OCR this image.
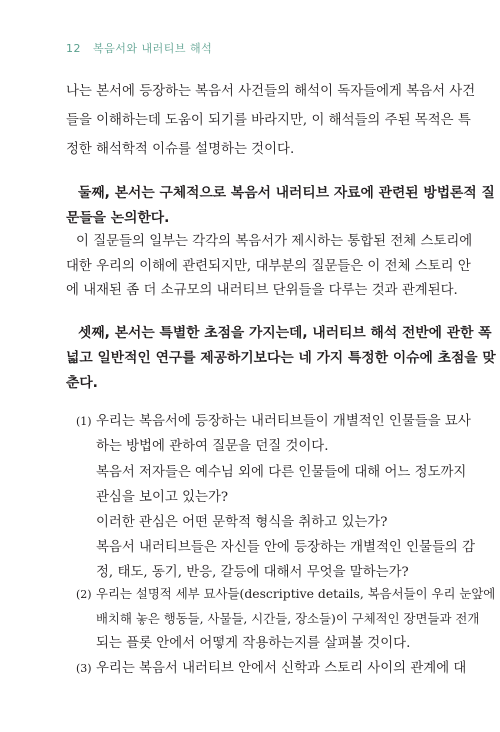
12 복음서와 내러티브 해석
나는 본서에 등장하는 복음서 사건들의 해석이 독자들에게 복음서 사건
들을 이해하는데 도움이 되기를 바라지만, 이 해석들의 주된 목적은 특
정한 해석학적 이슈를 설명하는 것이다.
둘째, 본서는 구체적으로 복음서 내러티브 자료에 관련된 방법론적 질
문들을 논의한다.
이 질문들의 일부는 각각의 복음서가 제시하는 통합된 전체 스토리에
대한 우리의 이해에 관련되지만, 대부분의 질문들은 이 전체 스토리 안
에 내재된 좀 더 소규모의 내러티브 단위들을 다루는 것과 관계된다.
셋째, 본서는 특별한 초점을 가지는데, 내러티브 해석 전반에 관한 폭
넓고 일반적인 연구를 제공하기보다는 네 가지 특정한 이슈에 초점을 맞
춘다.
(1) 우리는 복음서에 등장하는 내러티브들이 개별적인 인물들을 묘사
하는 방법에 관하여 질문을 던질 것이다.
복음서 저자들은 예수님 외에 다른 인물들에 대해 어느 정도까지
관심을 보이고 있는가?
이러한 관심은 어떤 문학적 형식을 취하고 있는가?
복음서 내러티브들은 자신들 안에 등장하는 개별적인 인물들의 감
정, 태도, 동기, 반응, 갈등에 대해서 무엇을 말하는가?
(2) 우리는 설명적 세부 묘사들(descriptive details, 복음서들이 우리 눈앞에
배치해 놓은 행동들, 사물들, 시간들, 장소들)이 구체적인 장면들과 전개
되는 플롯 안에서 어떻게 작용하는지를 살펴볼 것이다.
(3) 우리는 복음서 내러티브 안에서 신학과 스토리 사이의 관계에 대
